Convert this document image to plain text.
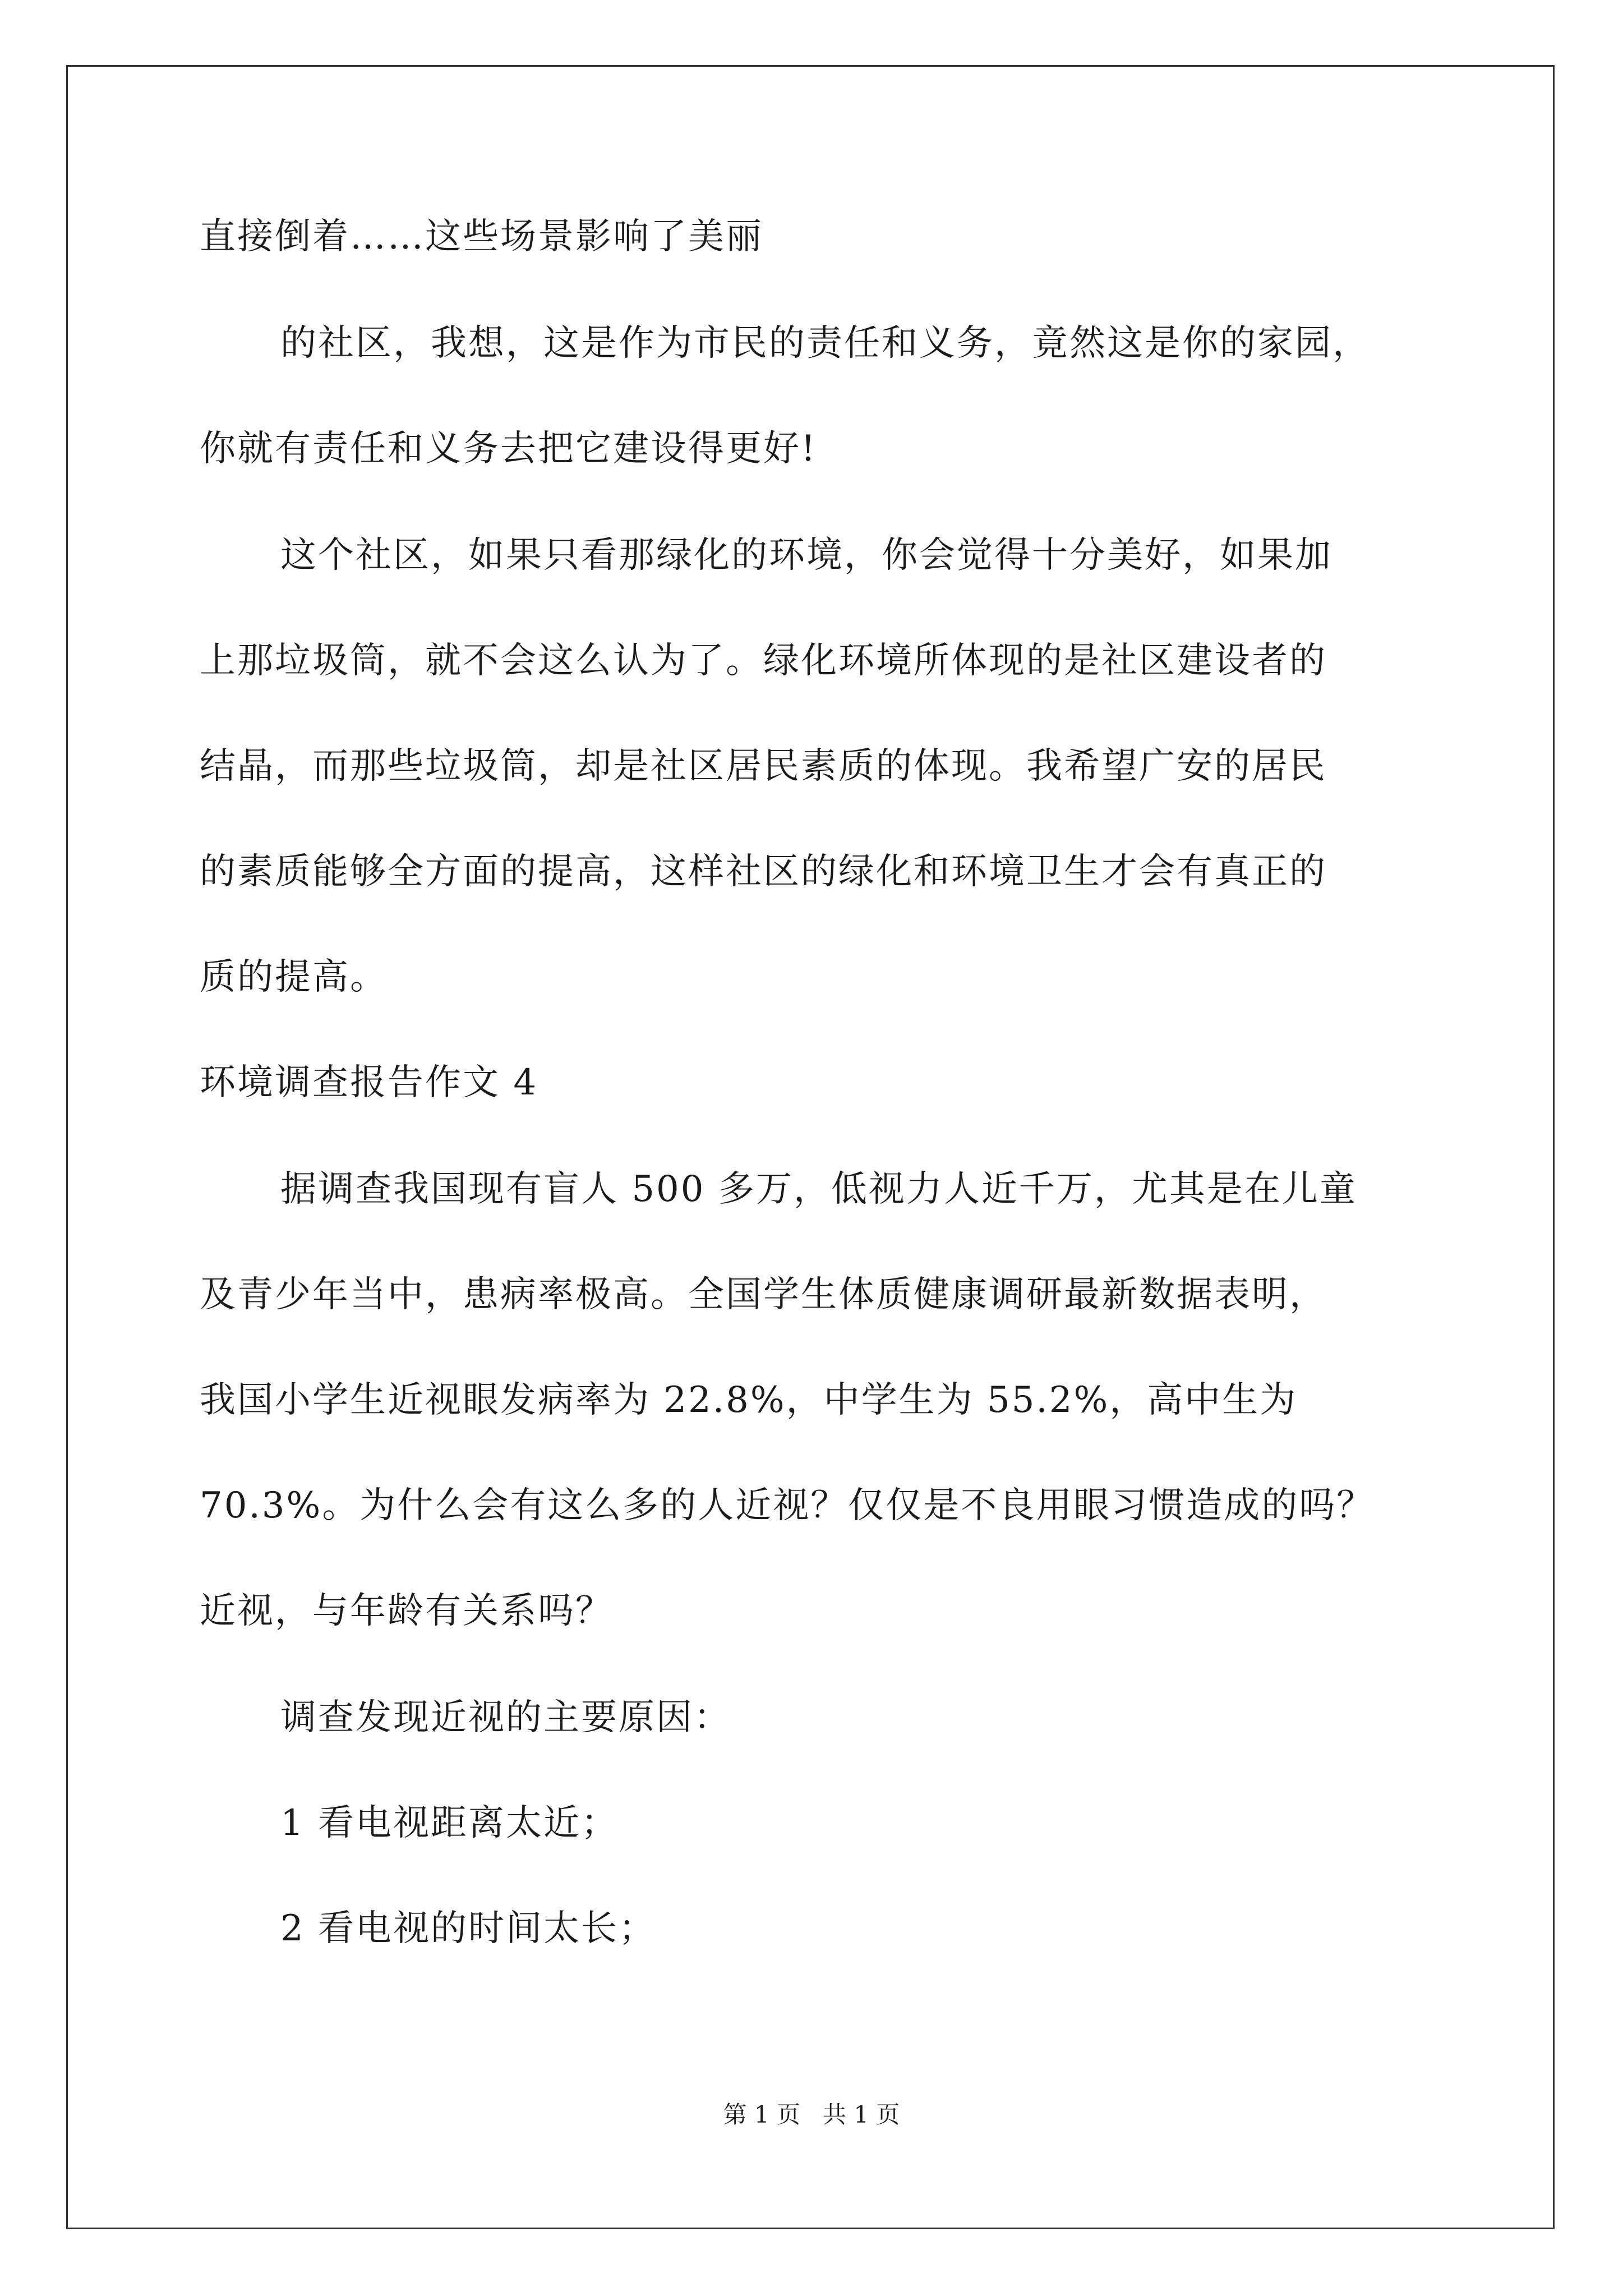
直接倒着……这些场景影响了美丽
的社区，我想，这是作为市民的责任和义务，竟然这是你的家园，
你就有责任和义务去把它建设得更好!
这个社区，如果只看那绿化的环境，你会觉得十分美好，如果加
上那垃圾筒，就不会这么认为了。绿化环境所体现的是社区建设者的
结晶，而那些垃圾筒，却是社区居民素质的体现。我希望广安的居民
的素质能够全方面的提高，这样社区的绿化和环境卫生才会有真正的
质的提高。
环境调查报告作文 4
据调查我国现有盲人 500 多万，低视力人近千万，尤其是在儿童
及青少年当中，患病率极高。全国学生体质健康调研最新数据表明，
我国小学生近视眼发病率为 22.8%，中学生为 55.2%，高中生为
70.3%。为什么会有这么多的人近视？仅仅是不良用眼习惯造成的吗？
近视，与年龄有关系吗？
调查发现近视的主要原因：
1 看电视距离太近；
2 看电视的时间太长；
第 1 页 共 1 页
